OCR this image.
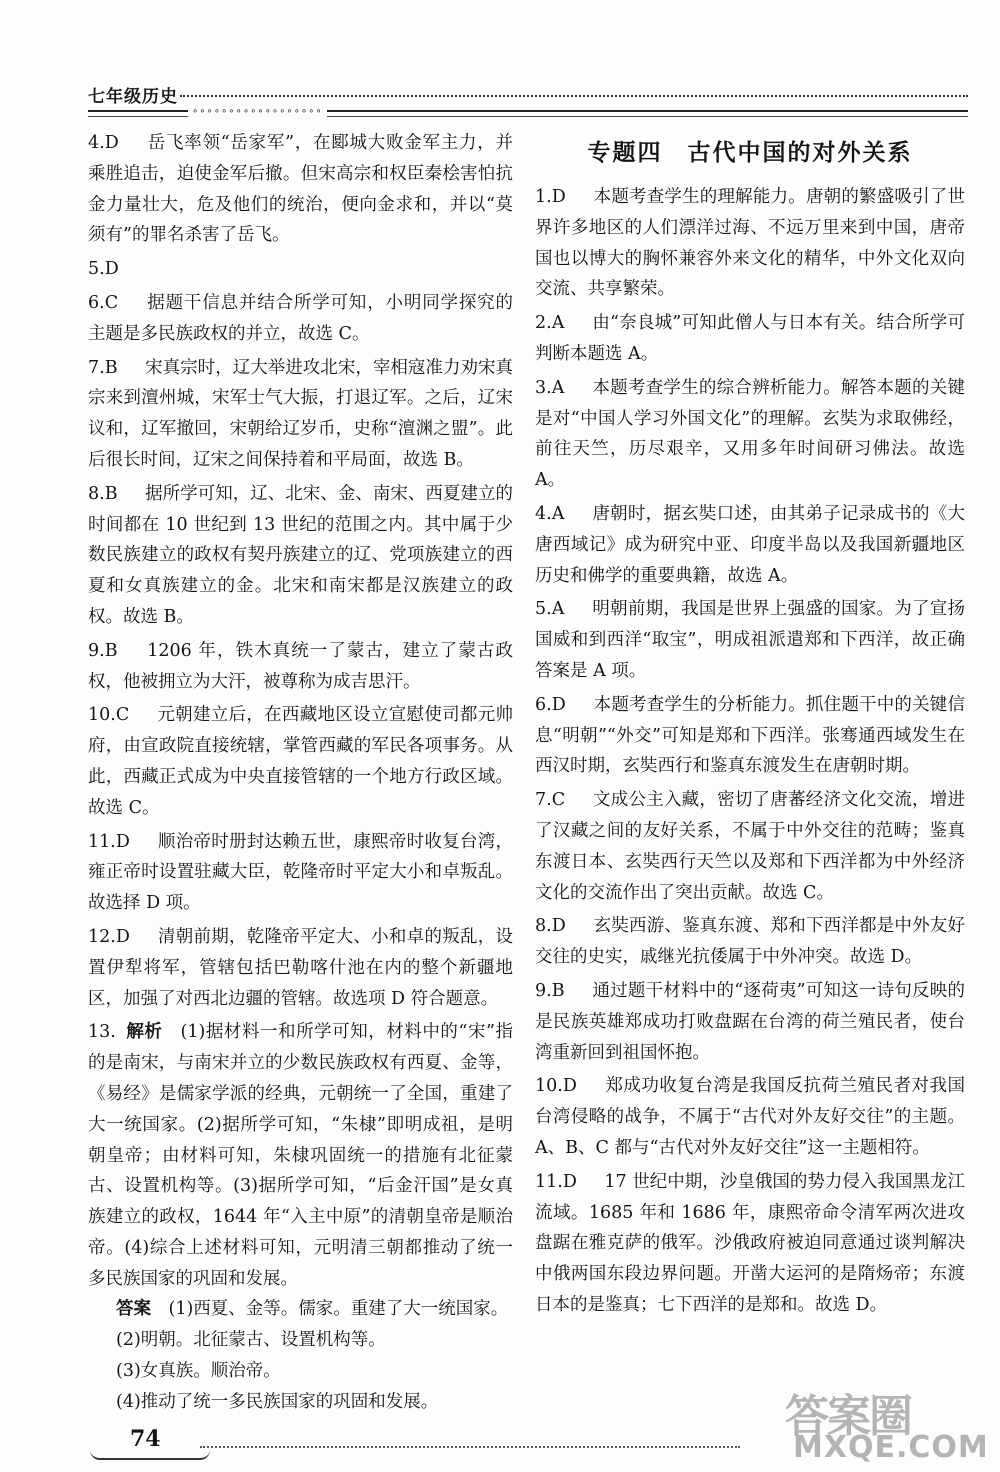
七年级历史
∘∘∘∘∘∘∘∘∘∘∘∘∘∘∘∘∘∘

4.D　 岳飞率领“岳家军”，在郾城大败金军主力，并乘胜追击，迫使金军后撤。但宋高宗和权臣秦桧害怕抗金力量壮大，危及他们的统治，便向金求和，并以“莫须有”的罪名杀害了岳飞。

5.D　

6.C　 据题干信息并结合所学可知，小明同学探究的主题是多民族政权的并立，故选 C。

7.B　 宋真宗时，辽大举进攻北宋，宰相寇准力劝宋真宗来到澶州城，宋军士气大振，打退辽军。之后，辽宋议和，辽军撤回，宋朝给辽岁币，史称“澶渊之盟”。此后很长时间，辽宋之间保持着和平局面，故选 B。

8.B　 据所学可知，辽、北宋、金、南宋、西夏建立的时间都在 10 世纪到 13 世纪的范围之内。其中属于少数民族建立的政权有契丹族建立的辽、党项族建立的西夏和女真族建立的金。北宋和南宋都是汉族建立的政权。故选 B。

9.B　 1206 年，铁木真统一了蒙古，建立了蒙古政权，他被拥立为大汗，被尊称为成吉思汗。

10.C　 元朝建立后，在西藏地区设立宣慰使司都元帅府，由宣政院直接统辖，掌管西藏的军民各项事务。从此，西藏正式成为中央直接管辖的一个地方行政区域。故选 C。

11.D　 顺治帝时册封达赖五世，康熙帝时收复台湾，雍正帝时设置驻藏大臣，乾隆帝时平定大小和卓叛乱。故选择 D 项。

12.D　 清朝前期，乾隆帝平定大、小和卓的叛乱，设置伊犁将军，管辖包括巴勒喀什池在内的整个新疆地区，加强了对西北边疆的管辖。故选项 D 符合题意。

13. 解析　 (1)据材料一和所学可知，材料中的“宋”指的是南宋，与南宋并立的少数民族政权有西夏、金等，《易经》是儒家学派的经典，元朝统一了全国，重建了大一统国家。(2)据所学可知，“朱棣”即明成祖，是明朝皇帝；由材料可知，朱棣巩固统一的措施有北征蒙古、设置机构等。(3)据所学可知，“后金汗国”是女真族建立的政权，1644 年“入主中原”的清朝皇帝是顺治帝。(4)综合上述材料可知，元明清三朝都推动了统一多民族国家的巩固和发展。

答案　 (1)西夏、金等。儒家。重建了大一统国家。

(2)明朝。北征蒙古、设置机构等。

(3)女真族。顺治帝。

(4)推动了统一多民族国家的巩固和发展。

专题四　古代中国的对外关系

1.D　 本题考查学生的理解能力。唐朝的繁盛吸引了世界许多地区的人们漂洋过海、不远万里来到中国，唐帝国也以博大的胸怀兼容外来文化的精华，中外文化双向交流、共享繁荣。

2.A　 由“奈良城”可知此僧人与日本有关。结合所学可判断本题选 A。

3.A　 本题考查学生的综合辨析能力。解答本题的关键是对“中国人学习外国文化”的理解。玄奘为求取佛经，前往天竺，历尽艰辛，又用多年时间研习佛法。故选 A。

4.A　 唐朝时，据玄奘口述，由其弟子记录成书的《大唐西域记》成为研究中亚、印度半岛以及我国新疆地区历史和佛学的重要典籍，故选 A。

5.A　 明朝前期，我国是世界上强盛的国家。为了宣扬国威和到西洋“取宝”，明成祖派遣郑和下西洋，故正确答案是 A 项。

6.D　 本题考查学生的分析能力。抓住题干中的关键信息“明朝”“外交”可知是郑和下西洋。张骞通西域发生在西汉时期，玄奘西行和鉴真东渡发生在唐朝时期。

7.C　 文成公主入藏，密切了唐蕃经济文化交流，增进了汉藏之间的友好关系，不属于中外交往的范畴；鉴真东渡日本、玄奘西行天竺以及郑和下西洋都为中外经济文化的交流作出了突出贡献。故选 C。

8.D　 玄奘西游、鉴真东渡、郑和下西洋都是中外友好交往的史实，戚继光抗倭属于中外冲突。故选 D。

9.B　 通过题干材料中的“逐荷夷”可知这一诗句反映的是民族英雄郑成功打败盘踞在台湾的荷兰殖民者，使台湾重新回到祖国怀抱。

10.D　 郑成功收复台湾是我国反抗荷兰殖民者对我国台湾侵略的战争，不属于“古代对外友好交往”的主题。A、B、C 都与“古代对外友好交往”这一主题相符。

11.D　 17 世纪中期，沙皇俄国的势力侵入我国黑龙江流域。1685 年和 1686 年，康熙帝命令清军两次进攻盘踞在雅克萨的俄军。沙俄政府被迫同意通过谈判解决中俄两国东段边界问题。开凿大运河的是隋炀帝；东渡日本的是鉴真；七下西洋的是郑和。故选 D。

74	答案圈
MXQE.COM
